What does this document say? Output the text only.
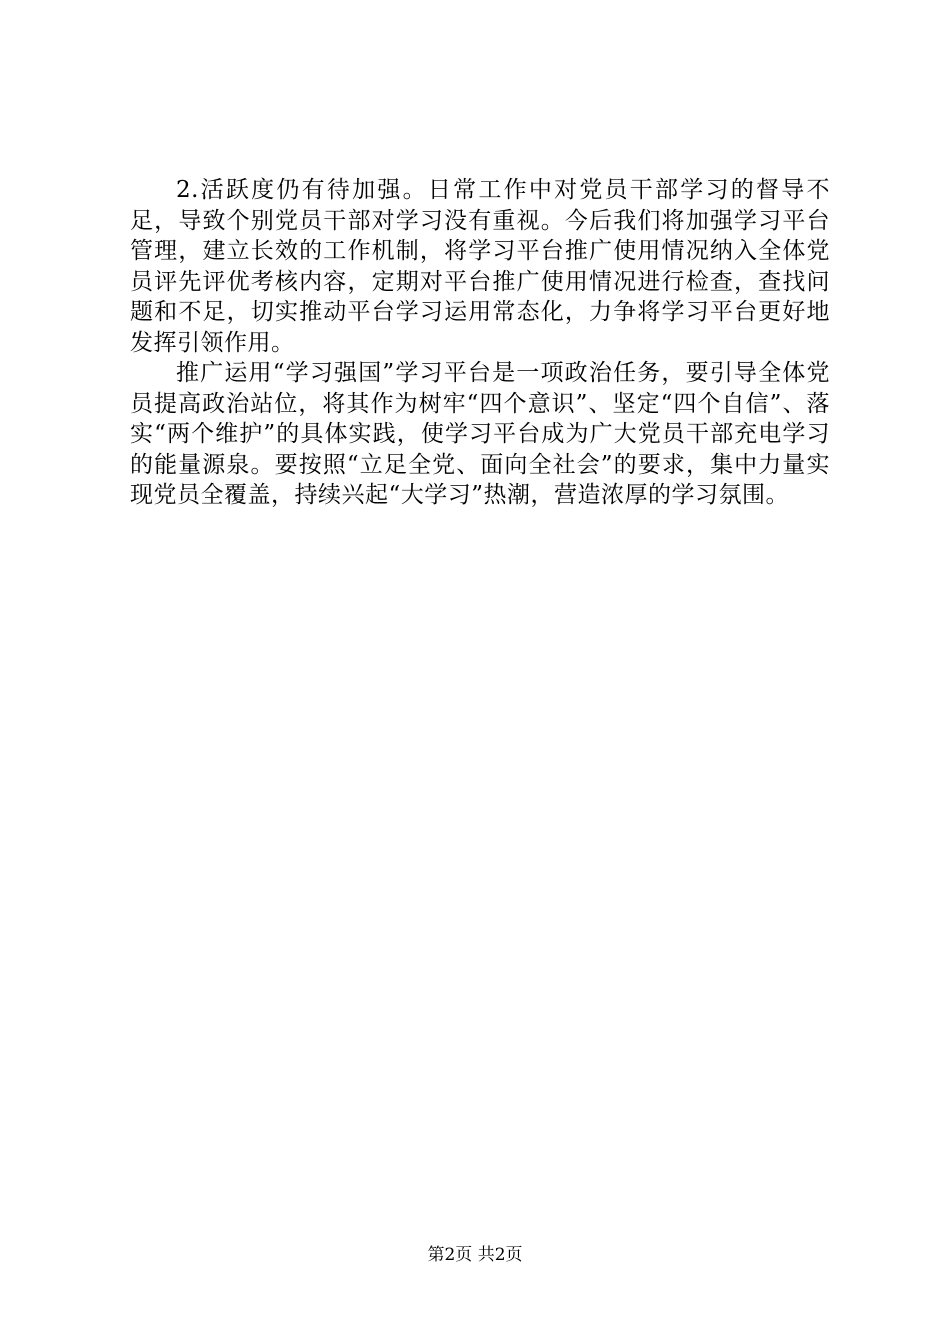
2.活跃度仍有待加强。日常工作中对党员干部学习的督导不足，导致个别党员干部对学习没有重视。今后我们将加强学习平台管理，建立长效的工作机制，将学习平台推广使用情况纳入全体党员评先评优考核内容，定期对平台推广使用情况进行检查，查找问题和不足，切实推动平台学习运用常态化，力争将学习平台更好地发挥引领作用。

推广运用“学习强国”学习平台是一项政治任务，要引导全体党员提高政治站位，将其作为树牢“四个意识”、坚定“四个自信”、落实“两个维护”的具体实践，使学习平台成为广大党员干部充电学习的能量源泉。要按照“立足全党、面向全社会”的要求，集中力量实现党员全覆盖，持续兴起“大学习”热潮，营造浓厚的学习氛围。

第2页 共2页
